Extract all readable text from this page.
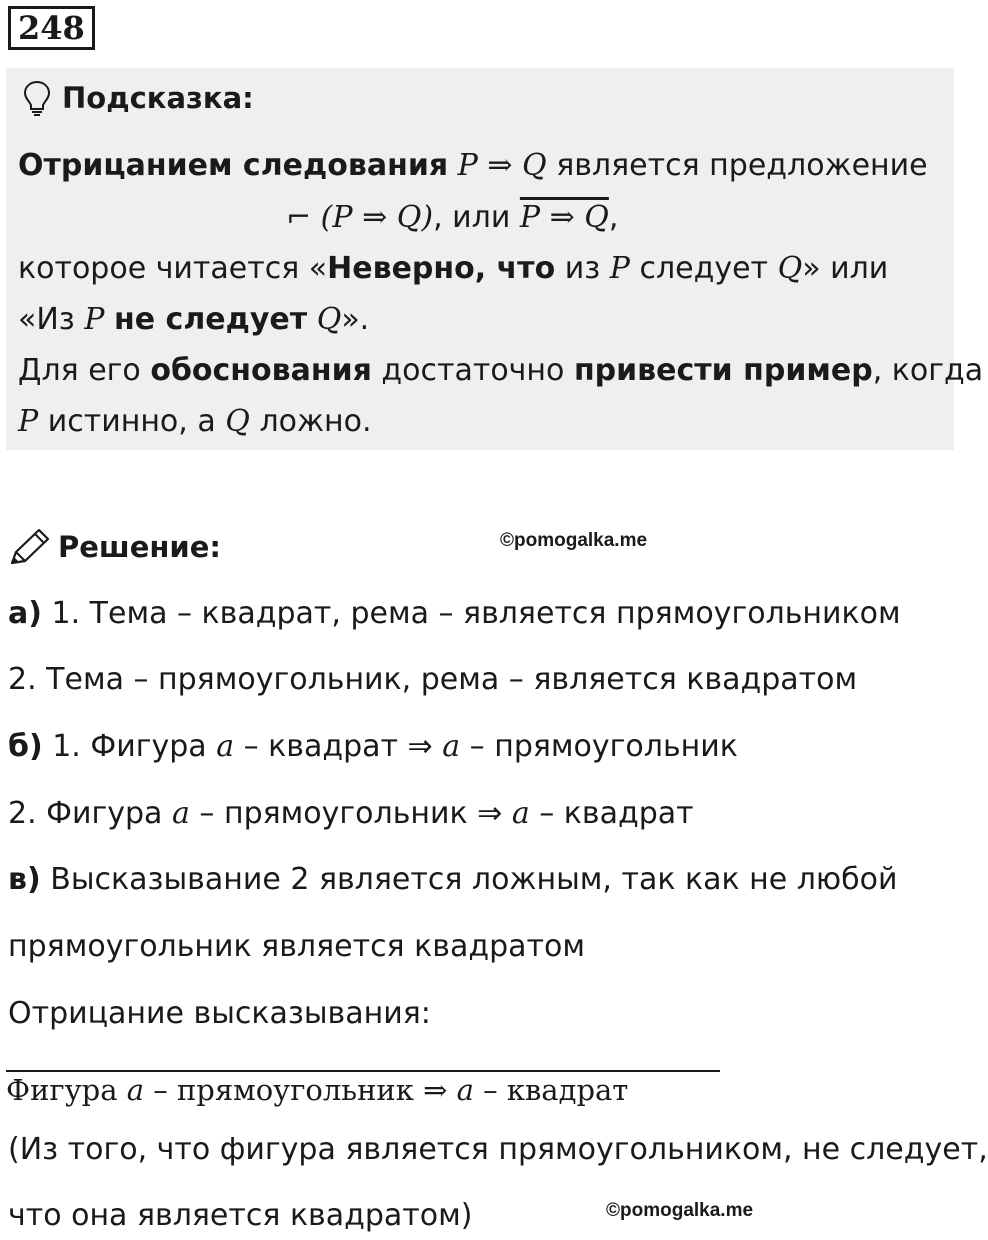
248
Подсказка:
Отрицанием следования P ⇒ Q является предложение
⌐ (P ⇒ Q), или P ⇒ Q,
которое читается «Неверно, что из P следует Q» или
«Из P не следует Q».
Для его обоснования достаточно привести пример, когда
P истинно, а Q ложно.
Решение:	©pomogalka.me
а) 1. Тема – квадрат, рема – является прямоугольником
2. Тема – прямоугольник, рема – является квадратом
б) 1. Фигура a – квадрат ⇒ a – прямоугольник
2. Фигура a – прямоугольник ⇒ a – квадрат
в) Высказывание 2 является ложным, так как не любой
прямоугольник является квадратом
Отрицание высказывания:
Фигура a – прямоугольник ⇒ a – квадрат
(Из того, что фигура является прямоугольником, не следует,
что она является квадратом)	©pomogalka.me
